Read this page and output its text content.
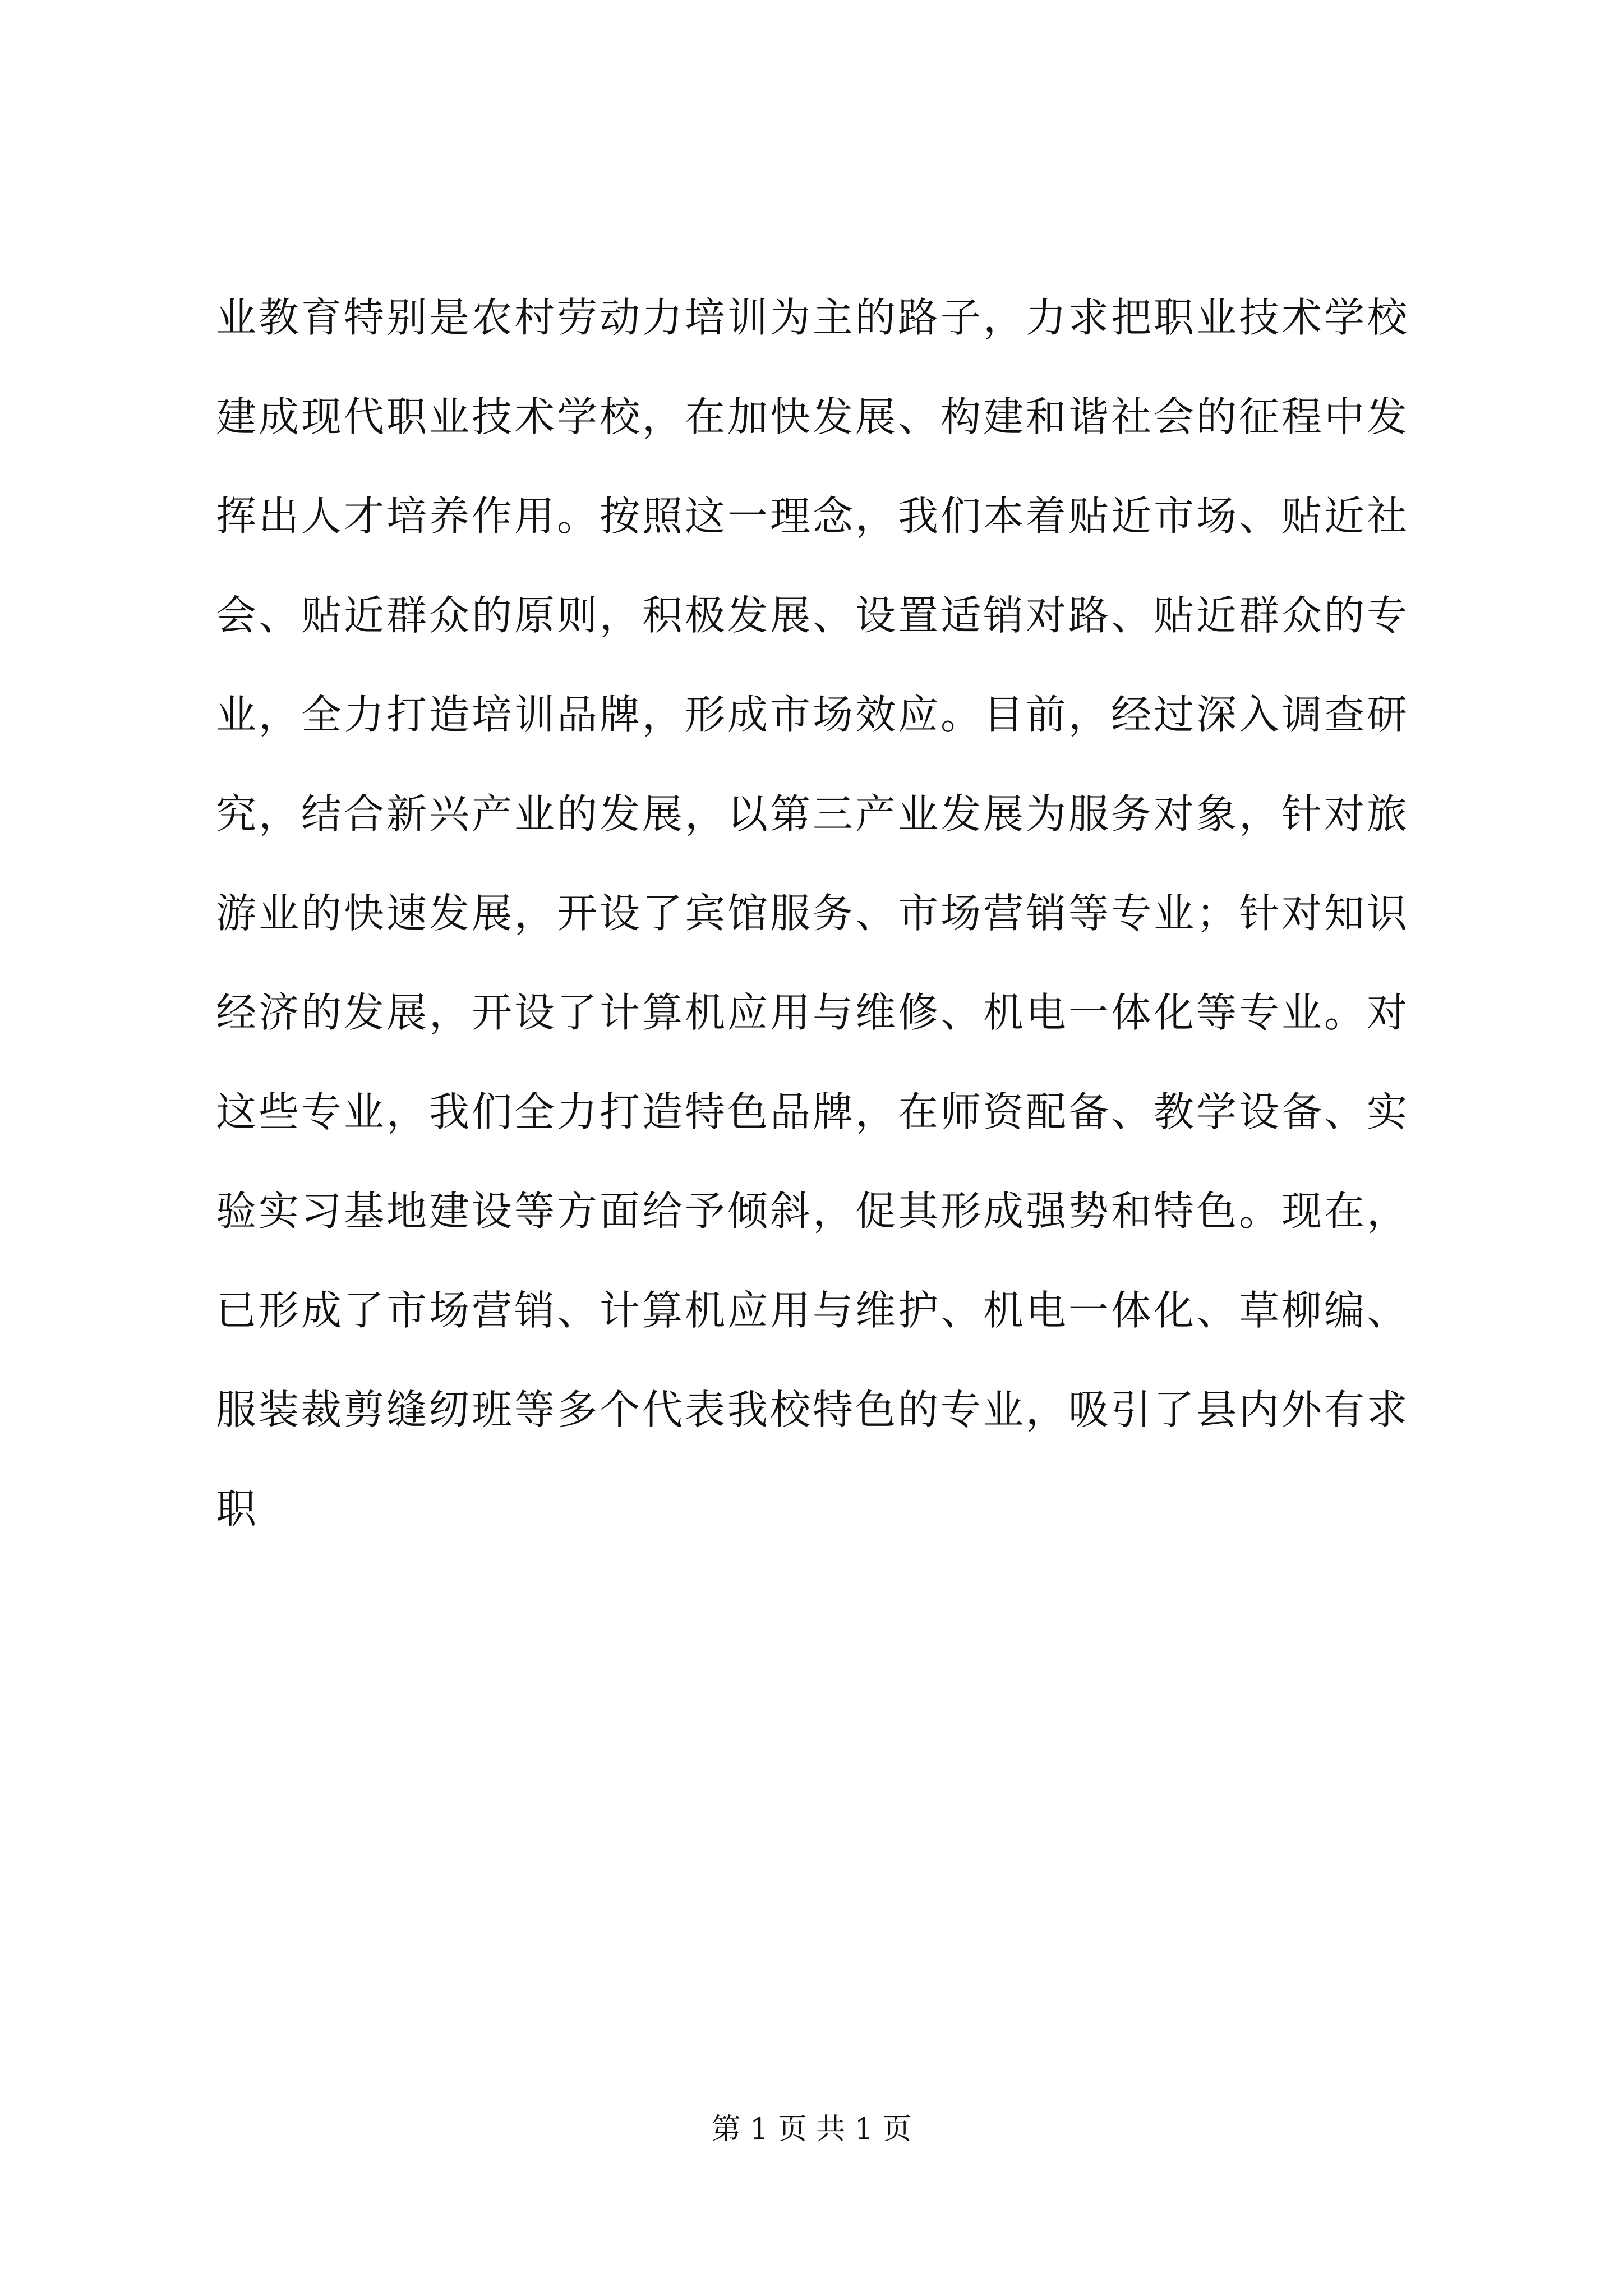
业教育特别是农村劳动力培训为主的路子，力求把职业技术学校
建成现代职业技术学校，在加快发展、构建和谐社会的征程中发
挥出人才培养作用。按照这一理念，我们本着贴近市场、贴近社
会、贴近群众的原则，积极发展、设置适销对路、贴近群众的专
业，全力打造培训品牌，形成市场效应。目前，经过深入调查研
究，结合新兴产业的发展，以第三产业发展为服务对象，针对旅
游业的快速发展，开设了宾馆服务、市场营销等专业；针对知识
经济的发展，开设了计算机应用与维修、机电一体化等专业。对
这些专业，我们全力打造特色品牌，在师资配备、教学设备、实
验实习基地建设等方面给予倾斜，促其形成强势和特色。现在，
已形成了市场营销、计算机应用与维护、机电一体化、草柳编、
服装裁剪缝纫班等多个代表我校特色的专业，吸引了县内外有求
职
第 1 页 共 1 页
